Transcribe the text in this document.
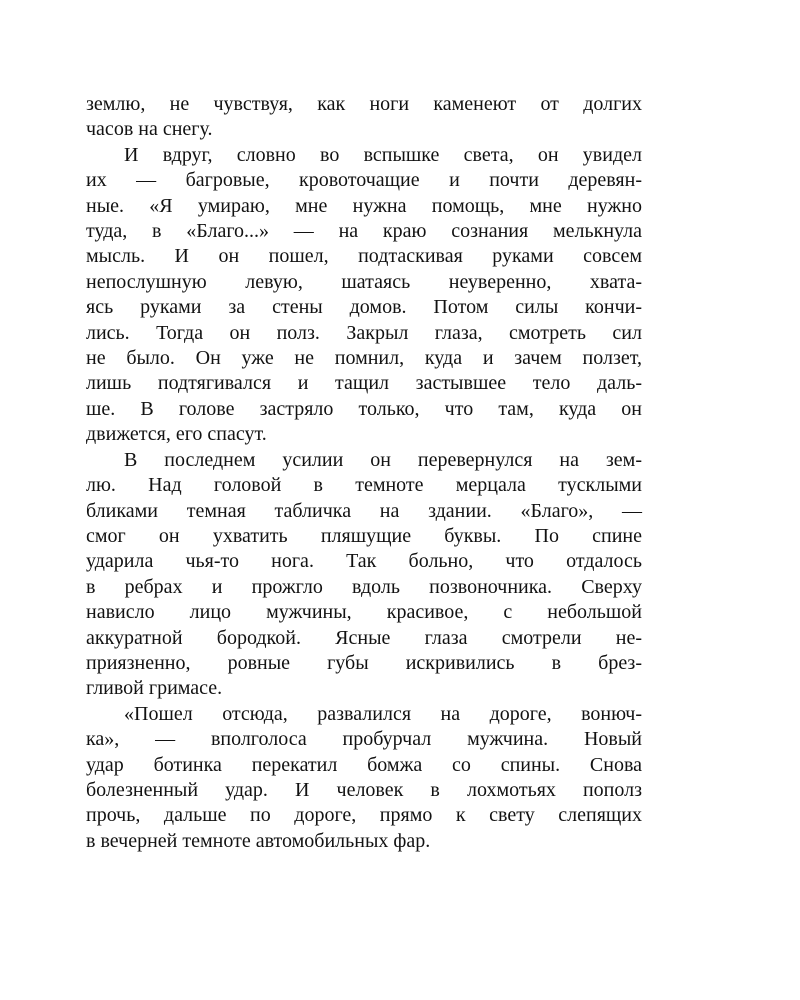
землю, не чувствуя, как ноги каменеют от долгих
часов на снегу.
И вдруг, словно во вспышке света, он увидел
их — багровые, кровоточащие и почти деревян-
ные. «Я умираю, мне нужна помощь, мне нужно
туда, в «Благо...» — на краю сознания мелькнула
мысль. И он пошел, подтаскивая руками совсем
непослушную левую, шатаясь неуверенно, хвата-
ясь руками за стены домов. Потом силы кончи-
лись. Тогда он полз. Закрыл глаза, смотреть сил
не было. Он уже не помнил, куда и зачем ползет,
лишь подтягивался и тащил застывшее тело даль-
ше. В голове застряло только, что там, куда он
движется, его спасут.
В последнем усилии он перевернулся на зем-
лю. Над головой в темноте мерцала тусклыми
бликами темная табличка на здании. «Благо», —
смог он ухватить пляшущие буквы. По спине
ударила чья-то нога. Так больно, что отдалось
в ребрах и прожгло вдоль позвоночника. Сверху
нависло лицо мужчины, красивое, с небольшой
аккуратной бородкой. Ясные глаза смотрели не-
приязненно, ровные губы искривились в брез-
гливой гримасе.
«Пошел отсюда, развалился на дороге, вонюч-
ка», — вполголоса пробурчал мужчина. Новый
удар ботинка перекатил бомжа со спины. Снова
болезненный удар. И человек в лохмотьях пополз
прочь, дальше по дороге, прямо к свету слепящих
в вечерней темноте автомобильных фар.
